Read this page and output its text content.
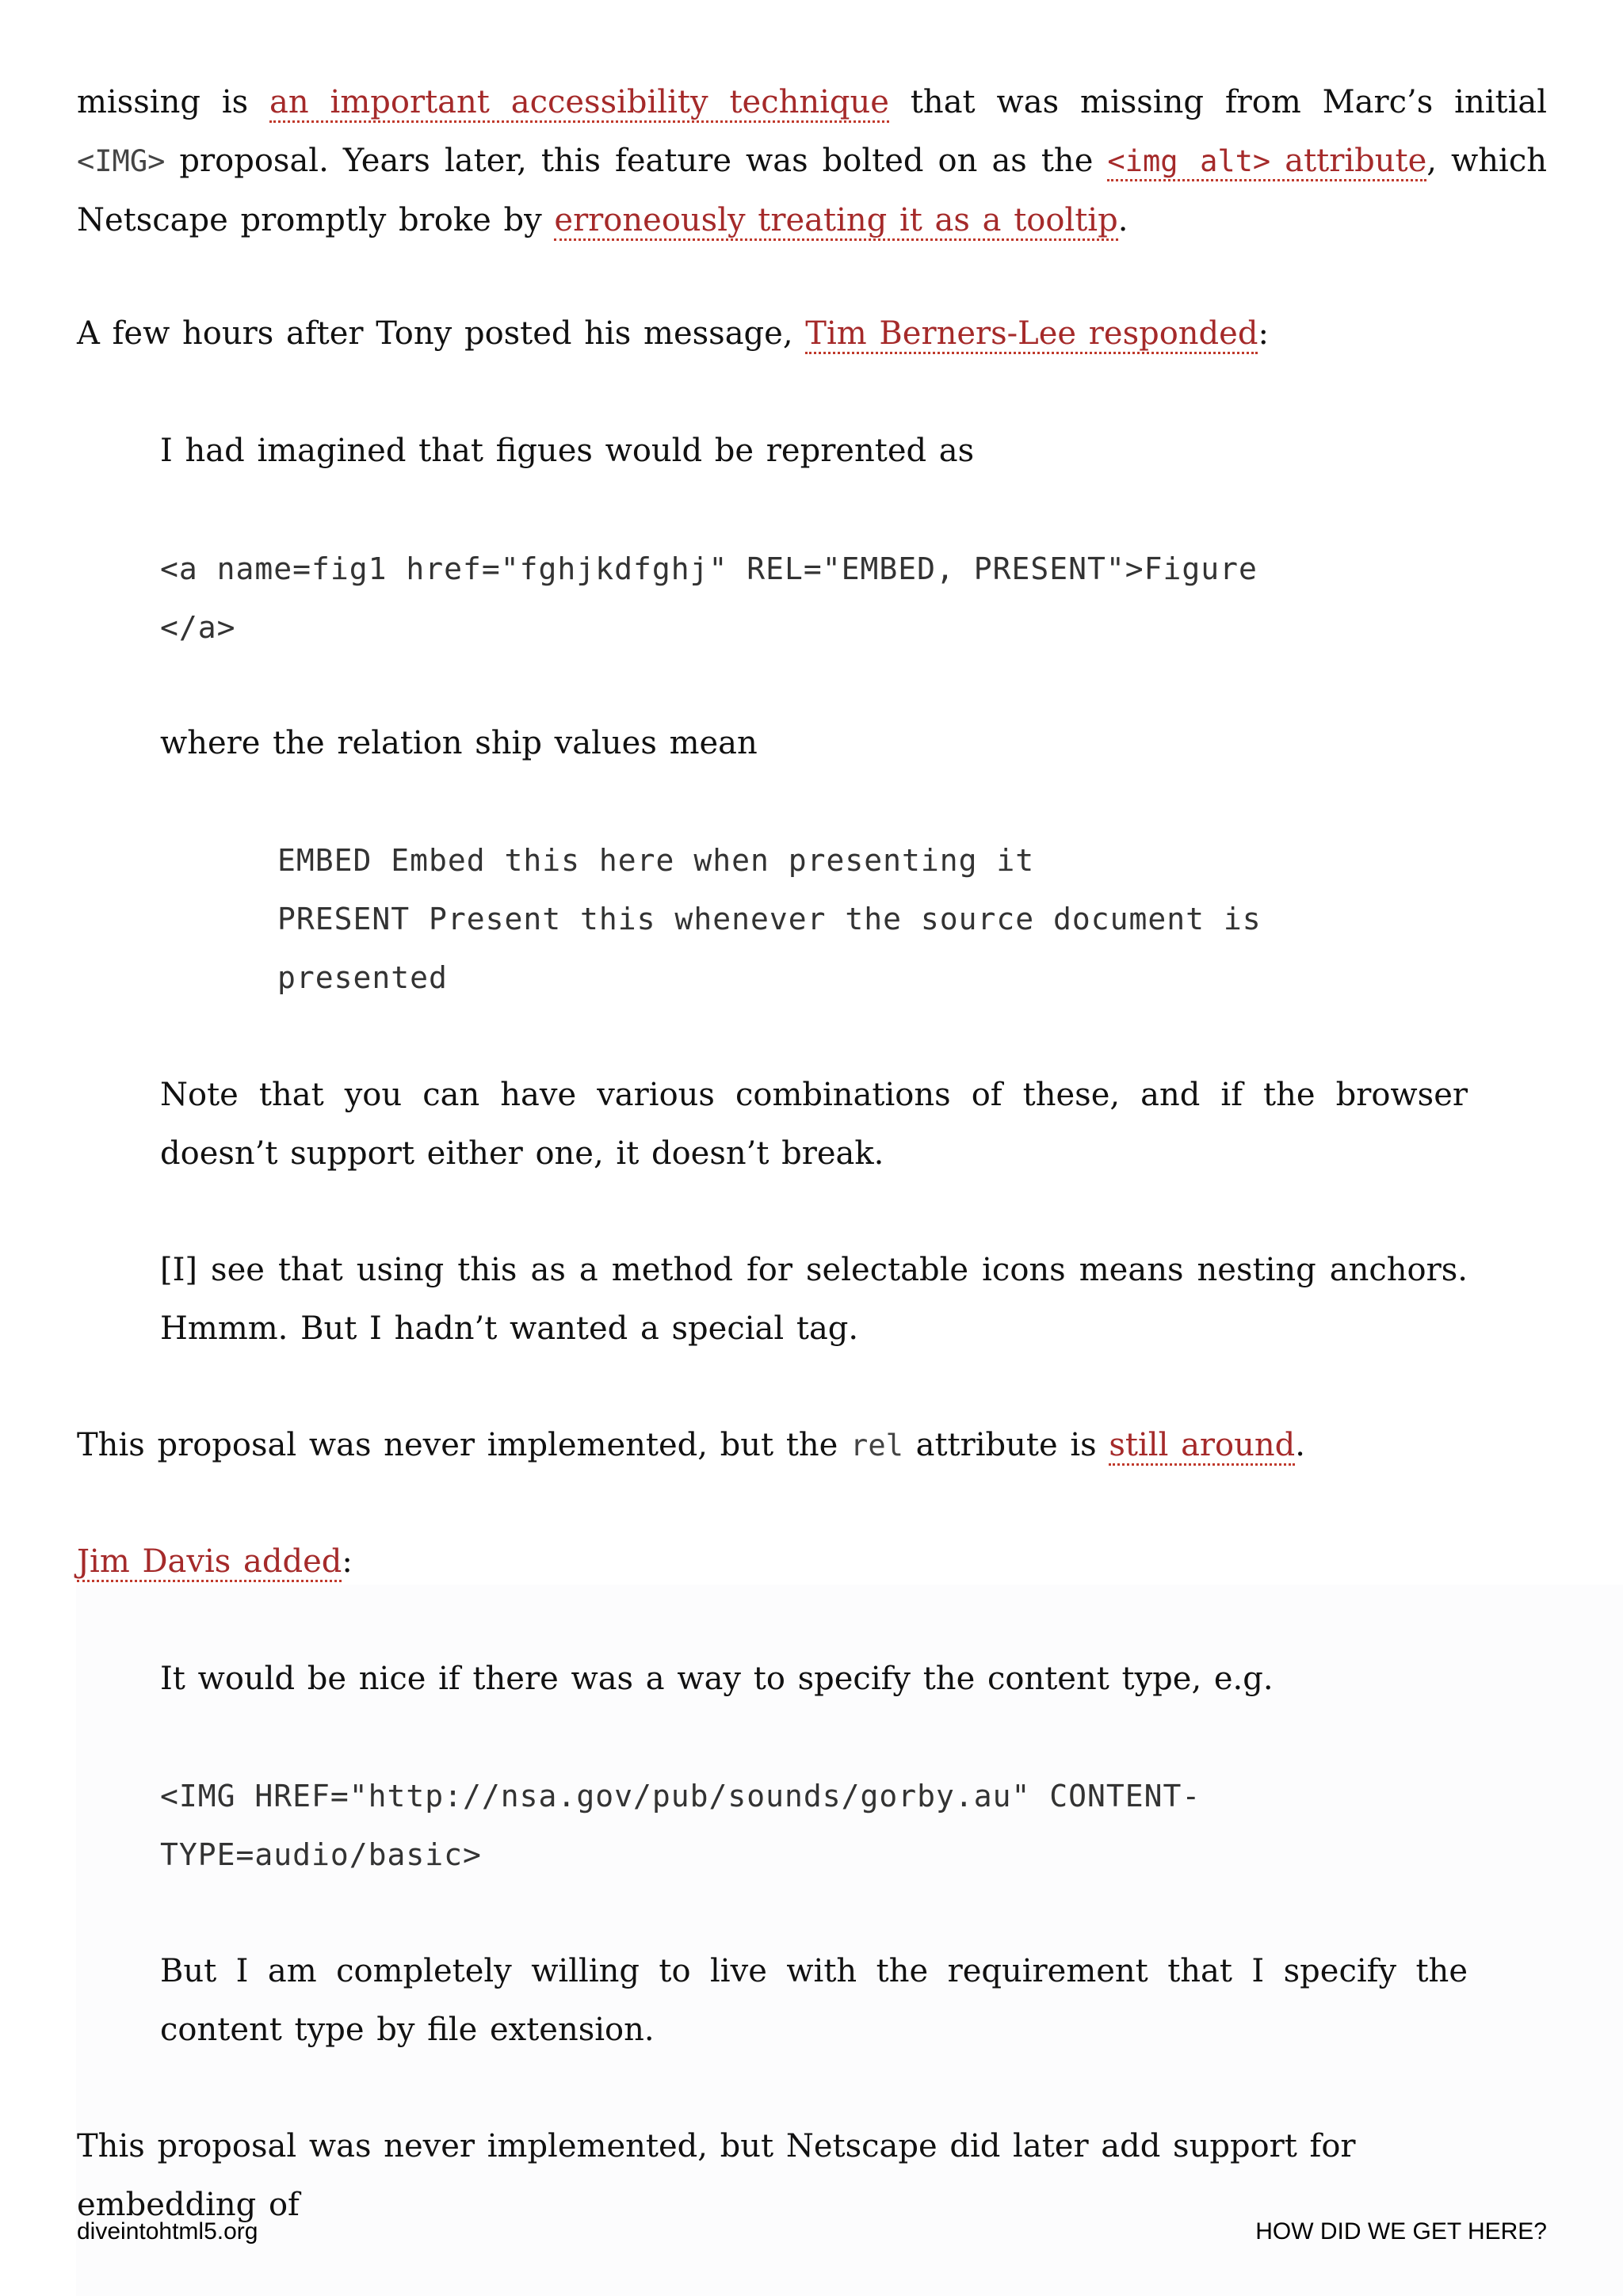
missing is an important accessibility technique that was missing from Marc’s initial <IMG> proposal. Years later, this feature was bolted on as the <img alt> attribute, which Netscape promptly broke by erroneously treating it as a tooltip.

A few hours after Tony posted his message, Tim Berners-Lee responded:

I had imagined that figues would be reprented as

<a name=fig1 href="fghjkdfghj" REL="EMBED, PRESENT">Figure
</a>

where the relation ship values mean

EMBED Embed this here when presenting it
PRESENT Present this whenever the source document is
presented

Note that you can have various combinations of these, and if the browser doesn’t support either one, it doesn’t break.

[I] see that using this as a method for selectable icons means nesting anchors. Hmmm. But I hadn’t wanted a special tag.

This proposal was never implemented, but the rel attribute is still around.

Jim Davis added:

It would be nice if there was a way to specify the content type, e.g.

<IMG HREF="http://nsa.gov/pub/sounds/gorby.au" CONTENT-
TYPE=audio/basic>

But I am completely willing to live with the requirement that I specify the content type by file extension.

This proposal was never implemented, but Netscape did later add support for embedding of

diveintohtml5.org	HOW DID WE GET HERE?
